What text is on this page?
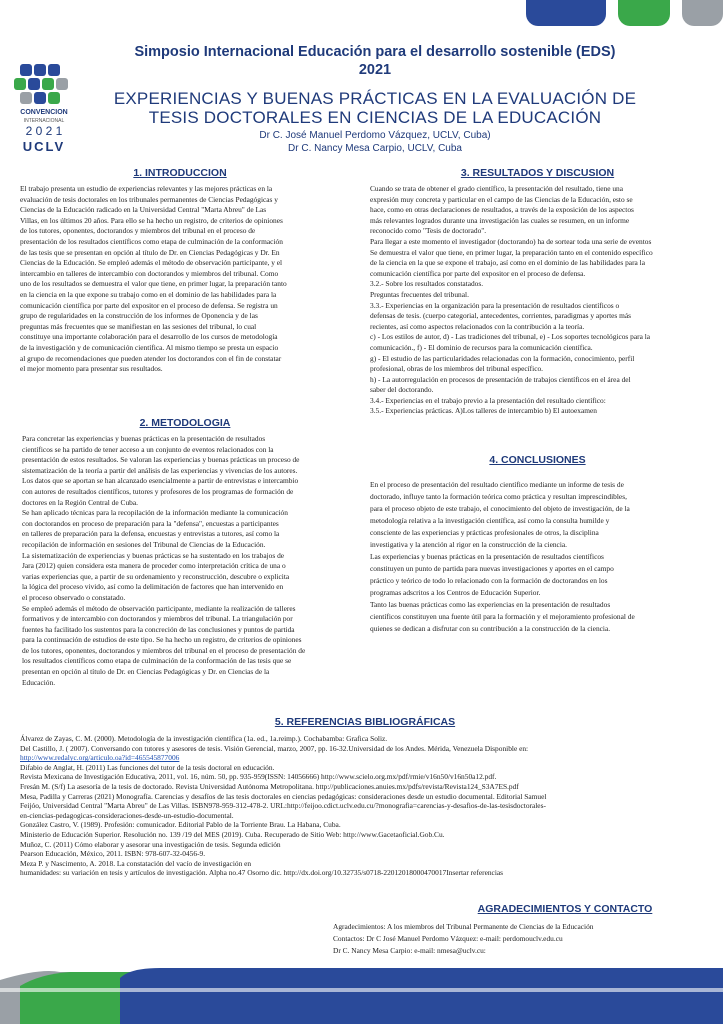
CONVENCION
INTERNACIONAL
2 0 2 1
UCLV
Simposio Internacional Educación para el desarrollo sostenible (EDS)
2021
EXPERIENCIAS Y BUENAS PRÁCTICAS EN LA EVALUACIÓN DE
TESIS DOCTORALES EN CIENCIAS DE LA EDUCACIÓN
Dr C. José Manuel Perdomo Vázquez, UCLV, Cuba)
Dr C. Nancy Mesa Carpio, UCLV, Cuba
1. INTRODUCCION

El trabajo presenta un estudio de experiencias relevantes y las mejores prácticas en la

evaluación de tesis doctorales en los tribunales permanentes de Ciencias Pedagógicas y

Ciencias de la Educación radicado en la Universidad Central "Marta Abreu" de Las

Villas, en los últimos 20 años. Para ello se ha hecho un registro, de criterios de opiniones

de los tutores, oponentes, doctorandos y miembros del tribunal en el proceso de

presentación de los resultados científicos como etapa de culminación de la conformación

de las tesis que se presentan en opción al título de Dr. en Ciencias Pedagógicas y Dr. En

Ciencias de la Educación. Se empleó además el método de observación participante, y el

intercambio en talleres de intercambio con doctorandos y miembros del tribunal. Como

uno de los resultados se demuestra el valor que tiene, en primer lugar, la preparación tanto

en la ciencia en la que expone su trabajo como en el dominio de las habilidades para la

comunicación científica por parte del expositor en el proceso de defensa. Se registra un

grupo de regularidades en la construcción de los informes de Oponencia y de las

preguntas más frecuentes que se manifiestan en las sesiones del tribunal, lo cual

constituye una importante colaboración para el desarrollo de los cursos de metodología

de la investigación y de comunicación científica. Al mismo tiempo se presta un espacio

al grupo de recomendaciones que pueden atender los doctorandos con el fin de constatar

el mejor momento para presentar sus resultados.

2. METODOLOGIA

Para concretar las experiencias y buenas prácticas en la presentación de resultados

científicos se ha partido de tener acceso a un conjunto de eventos relacionados con la

presentación de estos resultados. Se valoran las experiencias y buenas prácticas un proceso de

sistematización de la teoría a partir del análisis de las experiencias y vivencias de los autores.

Los datos que se aportan se han alcanzado esencialmente a partir de entrevistas e intercambio

con autores de resultados científicos, tutores y profesores de los programas de formación de

doctores en la Región Central de Cuba.

Se han aplicado técnicas para la recopilación de la información mediante la comunicación

con doctorandos en proceso de preparación para la "defensa", encuestas a participantes

en talleres de preparación para la defensa, encuestas y entrevistas a tutores, así como la

recopilación de información en sesiones del Tribunal de Ciencias de la Educación.

La sistematización de experiencias y buenas prácticas se ha sustentado en los trabajos de

Jara (2012) quien considera esta manera de proceder como interpretación crítica de una o

varias experiencias que, a partir de su ordenamiento y reconstrucción, descubre o explicita

la lógica del proceso vivido, así como la delimitación de factores que han intervenido en

el proceso observado o constatado.

Se empleó además el método de observación participante, mediante la realización de talleres

formativos y de intercambio con doctorandos y miembros del tribunal. La triangulación por

fuentes ha facilitado los sustentos para la concreción de las conclusiones y puntos de partida

para la continuación de estudios de este tipo. Se ha hecho un registro, de criterios de opiniones

de los tutores, oponentes, doctorandos y miembros del tribunal en el proceso de presentación de

los resultados científicos como etapa de culminación de la conformación de las tesis que se

presentan en opción al título de Dr. en Ciencias Pedagógicas y Dr. en Ciencias de la

Educación.

3. RESULTADOS Y DISCUSION

Cuando se trata de obtener el grado científico, la presentación del resultado, tiene una

expresión muy concreta y particular en el campo de las Ciencias de la Educación, esto se

hace, como en otras declaraciones de resultados, a través de la exposición de los aspectos

más relevantes logrados durante una investigación las cuales se resumen, en un informe

reconocido como "Tesis de doctorado".

Para llegar a este momento el investigador (doctorando) ha de sortear toda una serie de eventos

Se demuestra el valor que tiene, en primer lugar, la preparación tanto en el contenido específico

de la ciencia en la que se expone el trabajo, así como en el dominio de las habilidades para la

comunicación científica por parte del expositor en el proceso de defensa.

3.2.- Sobre los resultados constatados.

Preguntas frecuentes del tribunal.

3.3.- Experiencias en la organización para la presentación de resultados científicos o

defensas de tesis. (cuerpo categorial, antecedentes, corrientes, paradigmas y aportes más

recientes, así como aspectos relacionados con la contribución a la teoría.

c) - Los estilos de autor, d) - Las tradiciones del tribunal, e) - Los soportes tecnológicos para la

comunicación., f) - El dominio de recursos para la comunicación científica.

g) - El estudio de las particularidades relacionadas con la formación, conocimiento, perfil

profesional, obras de los miembros del tribunal específico.

h) - La autorregulación en procesos de presentación de trabajos científicos en el área del

saber del doctorando.

3.4.- Experiencias en el trabajo previo a la presentación del resultado científico:

3.5.- Experiencias prácticas. A)Los talleres de intercambio b) El autoexamen

4. CONCLUSIONES

En el proceso de presentación del resultado científico mediante un informe de tesis de

doctorado, influye tanto la formación teórica como práctica y resultan imprescindibles,

para el proceso objeto de este trabajo, el conocimiento del objeto de investigación, de la

metodología relativa a la investigación científica, así como la consulta humilde y

consciente de las experiencias y prácticas profesionales de otros, la disciplina

investigativa y la atención al rigor en la construcción de la ciencia.

Las experiencias y buenas prácticas en la presentación de resultados científicos

constituyen un punto de partida para nuevas investigaciones y aportes en el campo

práctico y teórico de todo lo relacionado con la formación de doctorandos en los

programas adscritos a los Centros de Educación Superior.

Tanto las buenas prácticas como las experiencias en la presentación de resultados

científicos constituyen una fuente útil para la formación y el mejoramiento profesional de

quienes se dedican a disfrutar con su contribución a la construcción de la ciencia.

5. REFERENCIAS BIBLIOGRÁFICAS

Álvarez de Zayas, C. M. (2000). Metodología de la investigación científica (1a. ed., 1a.reimp.). Cochabamba: Grafica Soliz.

Del Castillo, J. ( 2007). Conversando con tutores y asesores de tesis. Visión Gerencial, marzo, 2007, pp. 16-32.Universidad de los Andes. Mérida, Venezuela Disponible en:

http://www.redalyc.org/articulo.oa?id=465545877006

Difabio de Anglat, H. (2011) Las funciones del tutor de la tesis doctoral en educación.

Revista Mexicana de Investigación Educativa, 2011, vol. 16, núm. 50, pp. 935-959(ISSN: 14056666) http://www.scielo.org.mx/pdf/rmie/v16n50/v16n50a12.pdf.

Fresán M. (S/f) La asesoría de la tesis de doctorado. Revista Universidad Autónoma Metropolitana. http://publicaciones.anuies.mx/pdfs/revista/Revista124_S3A7ES.pdf

Mesa, Padilla y Carreras (2021) Monografía. Carencias y desafíos de las tesis doctorales en ciencias pedagógicas: consideraciones desde un estudio documental. Editorial Samuel

Feijóo, Universidad Central "Marta Abreu" de Las Villas. ISBN978-959-312-478-2. URL:http://feijoo.cdict.uclv.edu.cu/?monografia=carencias-y-desafios-de-las-tesisdoctorales-

en-ciencias-pedagogicas-consideraciones-desde-un-estudio-documental.

González Castro, V. (1989). Profesión: comunicador. Editorial Pablo de la Torriente Brau. La Habana, Cuba.

Ministerio de Educación Superior. Resolución no. 139 /19 del MES (2019). Cuba. Recuperado de Sitio Web: http://www.Gacetaoficial.Gob.Cu.

Muñoz, C. (2011) Cómo elaborar y asesorar una investigación de tesis. Segunda edición

Pearson Educación, México, 2011. ISBN: 978-607-32-0456-9.

Meza P. y Nascimento, A. 2018. La constatación del vacío de investigación en

humanidades: su variación en tesis y artículos de investigación. Alpha no.47 Osorno dic. http://dx.doi.org/10.32735/s0718-22012018000470017Insertar referencias

AGRADECIMIENTOS Y CONTACTO

Agradecimientos: A los miembros del Tribunal Permanente de Ciencias de la Educación

Contactos: Dr C José Manuel Perdomo Vázquez: e-mail: perdomouclv.edu.cu

Dr C. Nancy Mesa Carpio: e-mail: nmesa@uclv.cu:
